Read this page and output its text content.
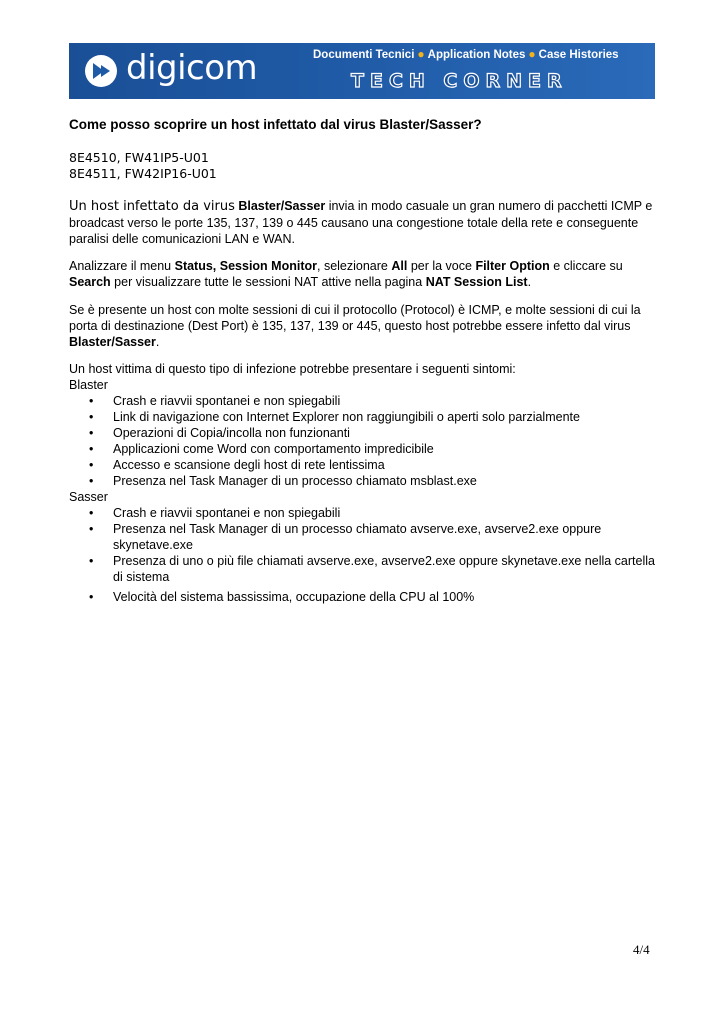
digicom	Documenti Tecnici ● Application Notes ● Case Histories
TECH CORNER
Come posso scoprire un host infettato dal virus Blaster/Sasser?
8E4510, FW41IP5-U01
8E4511, FW42IP16-U01
Un host infettato da virus Blaster/Sasser invia in modo casuale un gran numero di pacchetti ICMP e broadcast verso le porte 135, 137, 139 o 445 causano una congestione totale della rete e conseguente paralisi delle comunicazioni LAN e WAN.
Analizzare il menu Status, Session Monitor, selezionare All per la voce Filter Option e cliccare su Search per visualizzare tutte le sessioni NAT attive nella pagina NAT Session List.
Se è presente un host con molte sessioni di cui il protocollo (Protocol) è ICMP, e molte sessioni di cui la porta di destinazione (Dest Port) è 135, 137, 139 or 445, questo host potrebbe essere infetto dal virus Blaster/Sasser.
Un host vittima di questo tipo di infezione potrebbe presentare i seguenti sintomi:
Blaster
• Crash e riavvii spontanei e non spiegabili
• Link di navigazione con Internet Explorer non raggiungibili o aperti solo parzialmente
• Operazioni di Copia/incolla non funzionanti
• Applicazioni come Word con comportamento impredicibile
• Accesso e scansione degli host di rete lentissima
• Presenza nel Task Manager di un processo chiamato msblast.exe
Sasser
• Crash e riavvii spontanei e non spiegabili
• Presenza nel Task Manager di un processo chiamato avserve.exe, avserve2.exe oppure skynetave.exe
• Presenza di uno o più file chiamati avserve.exe, avserve2.exe oppure skynetave.exe nella cartella di sistema
• Velocità del sistema bassissima, occupazione della CPU al 100%
4/4
